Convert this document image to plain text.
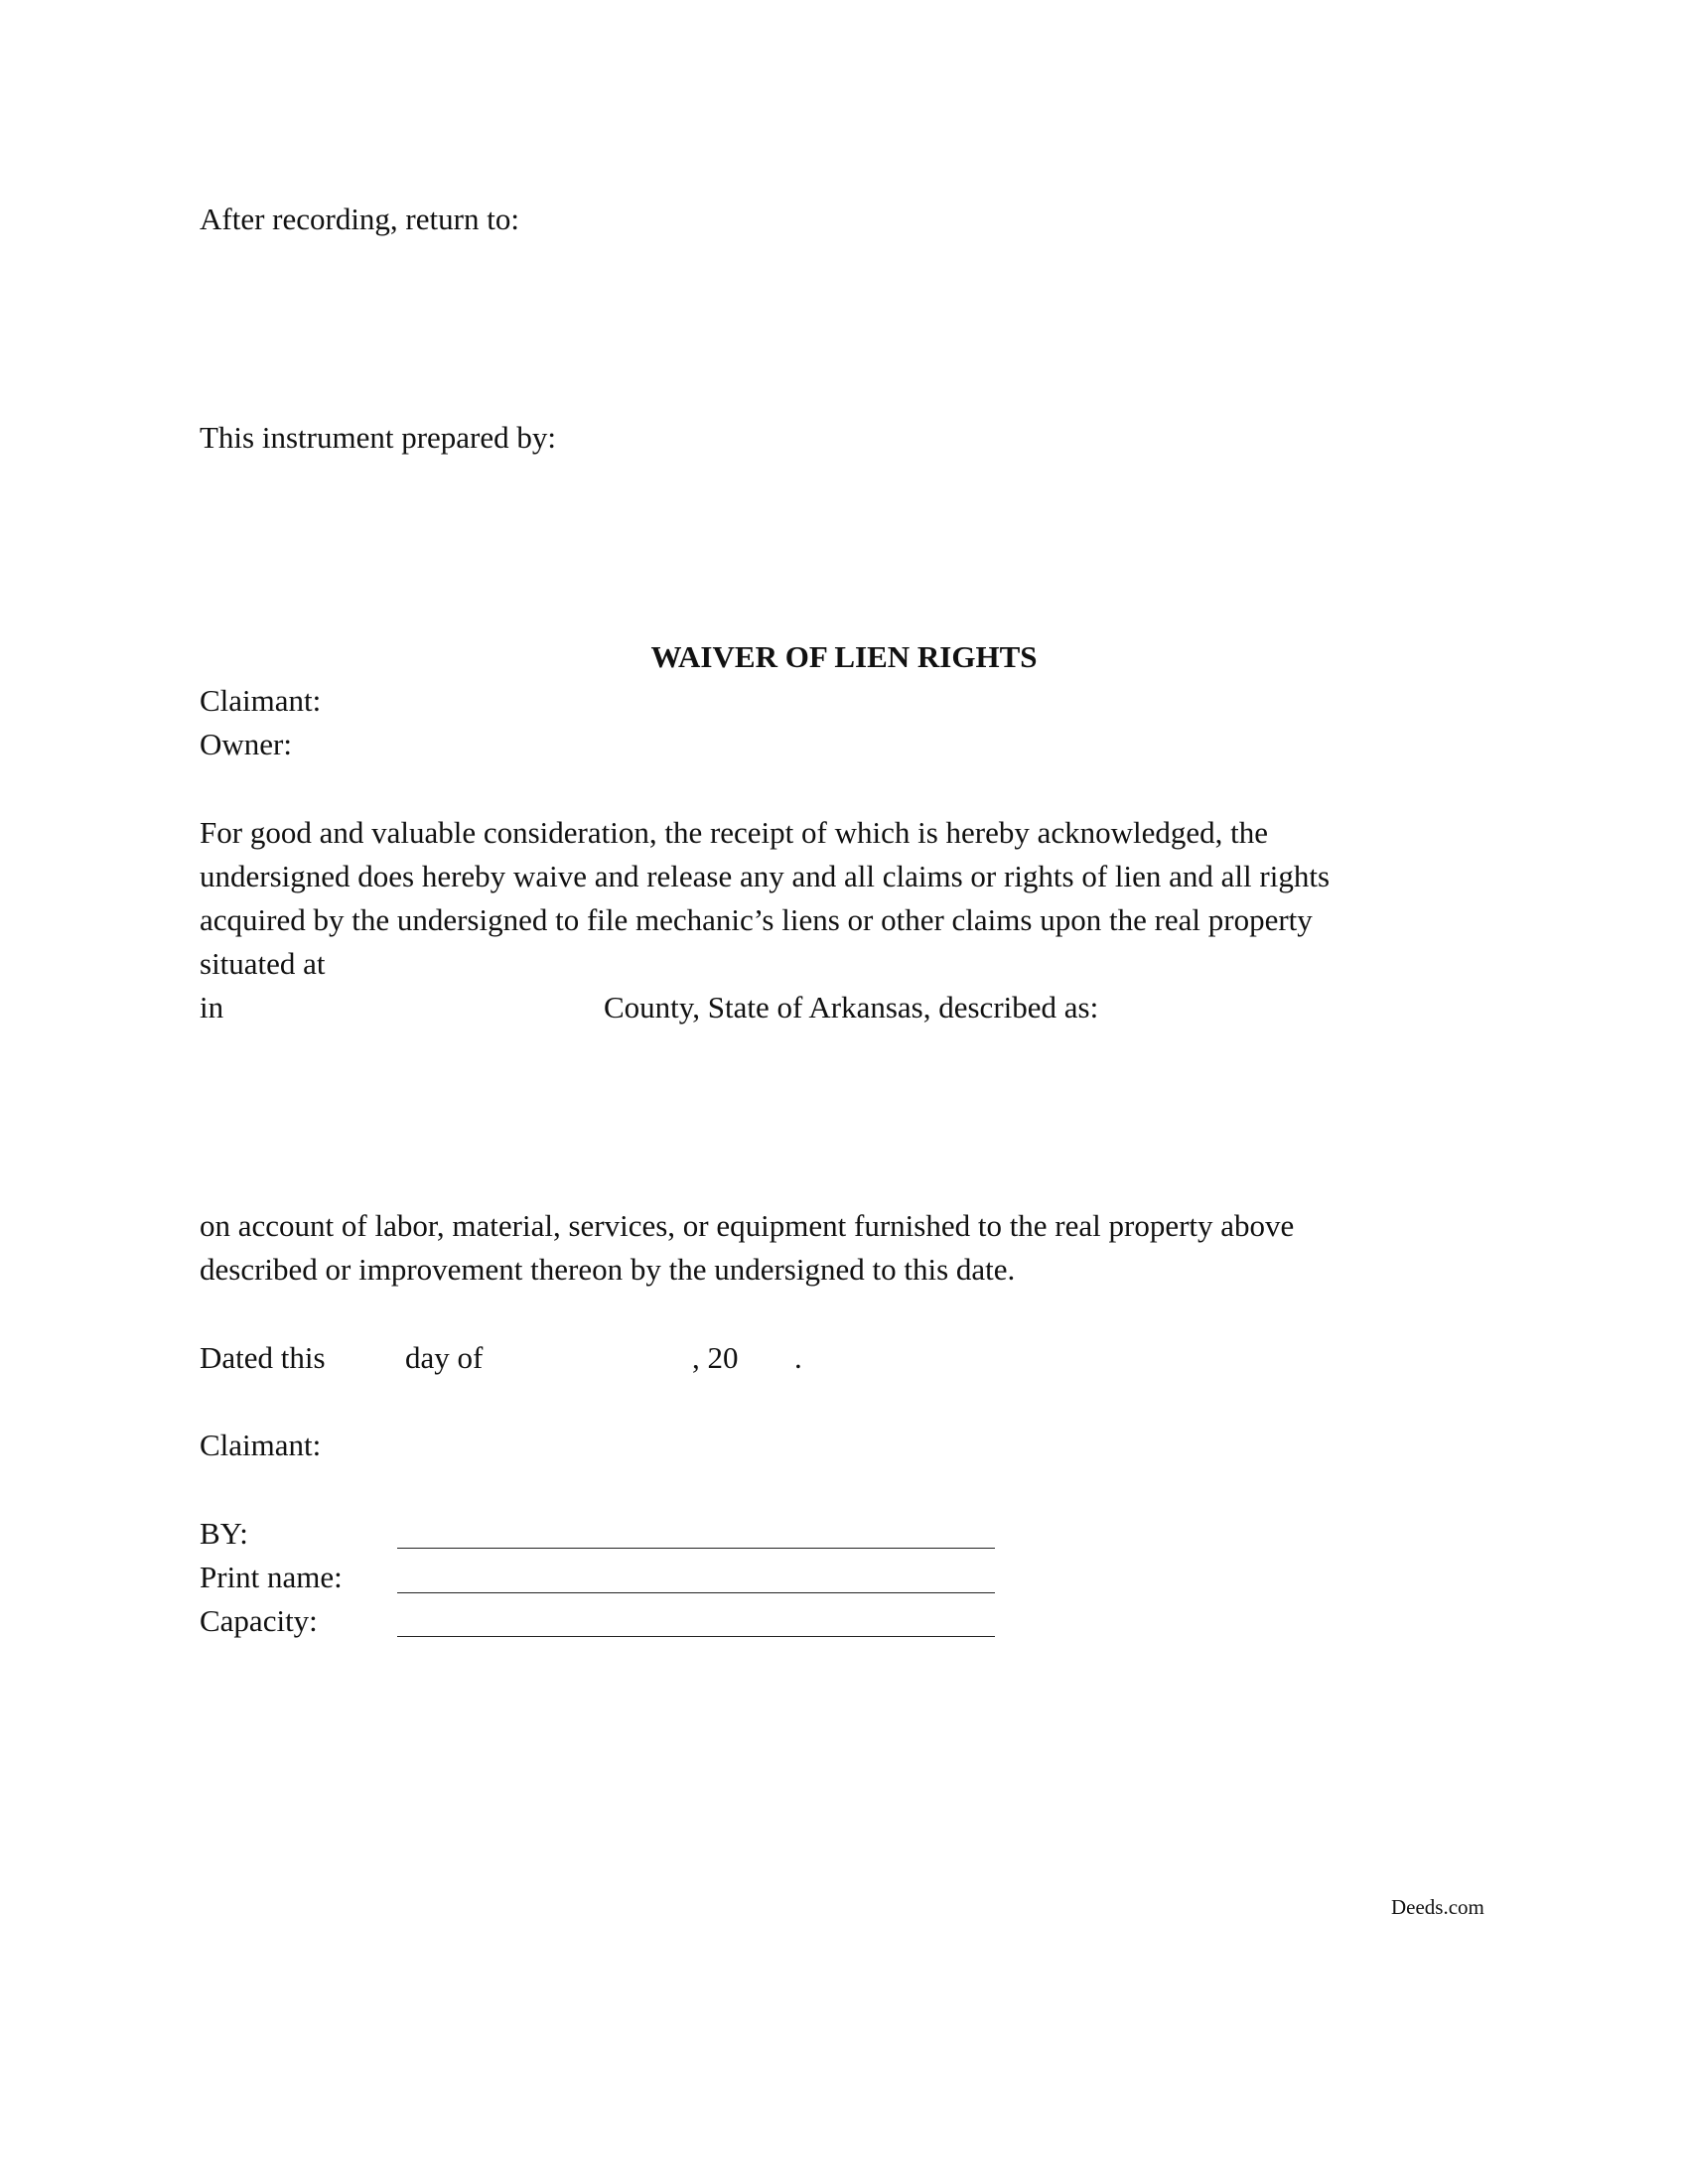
After recording, return to:
This instrument prepared by:
WAIVER OF LIEN RIGHTS
Claimant:
Owner:
For good and valuable consideration, the receipt of which is hereby acknowledged, the
undersigned does hereby waive and release any and all claims or rights of lien and all rights
acquired by the undersigned to file mechanic’s liens or other claims upon the real property
situated at
in	County, State of Arkansas, described as:
on account of labor, material, services, or equipment furnished to the real property above
described or improvement thereon by the undersigned to this date.
Dated this	day of	, 20 .
Claimant:
BY:
Print name:
Capacity:
Deeds.com
